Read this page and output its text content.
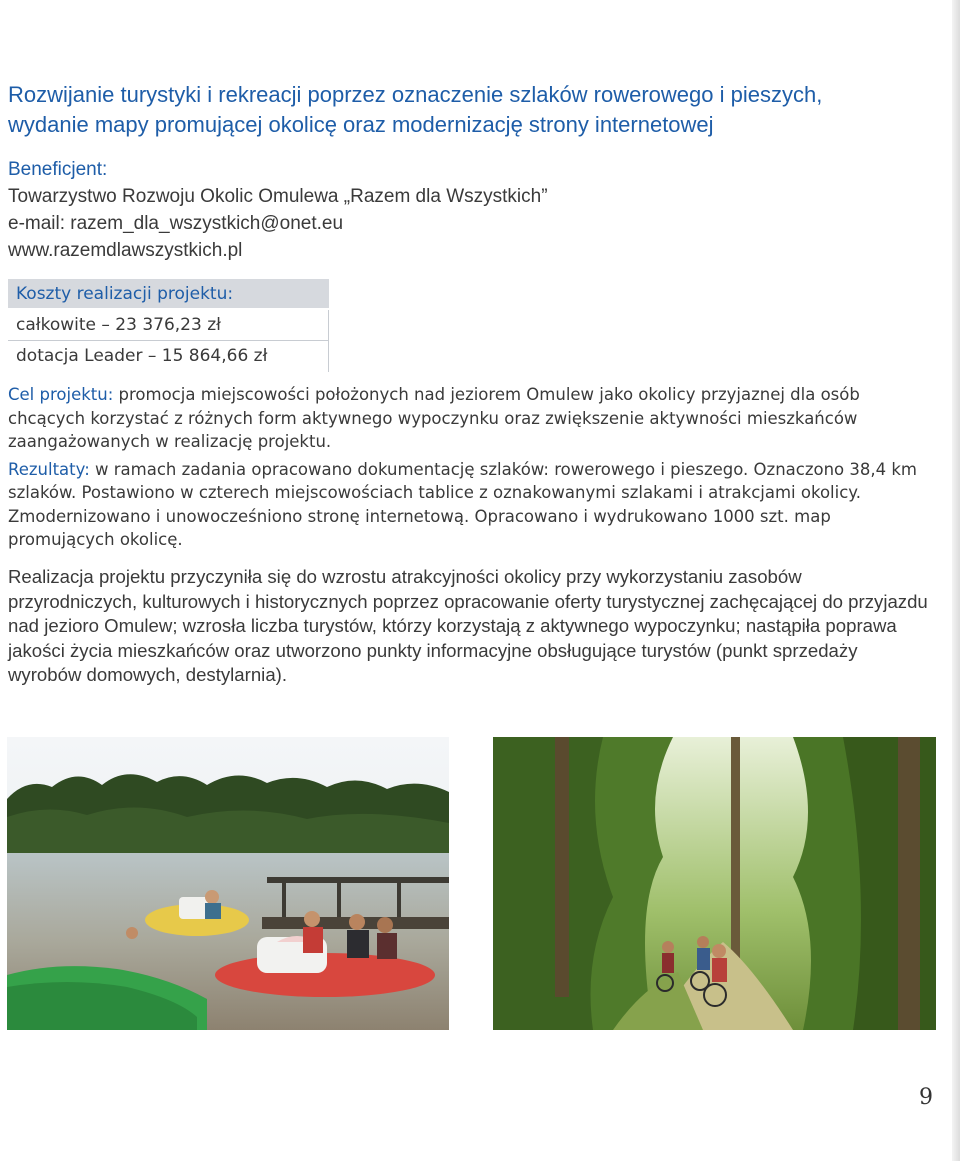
Rozwijanie turystyki i rekreacji poprzez oznaczenie szlaków rowerowego i pieszych,
wydanie mapy promującej okolicę oraz modernizację strony internetowej
Beneficjent:
Towarzystwo Rozwoju Okolic Omulewa „Razem dla Wszystkich”
e-mail: razem_dla_wszystkich@onet.eu
www.razemdlawszystkich.pl
Koszty realizacji projektu:
całkowite – 23 376,23 zł
dotacja Leader – 15 864,66 zł

Cel projektu: promocja miejscowości położonych nad jeziorem Omulew jako okolicy przyjaznej dla osób chcących korzystać z różnych form aktywnego wypoczynku oraz zwiększenie aktywności mieszkańców zaangażowanych w realizację projektu.

Rezultaty: w ramach zadania opracowano dokumentację szlaków: rowerowego i pieszego. Oznaczono 38,4 km szlaków. Postawiono w czterech miejscowościach tablice z oznakowanymi szlakami i atrakcjami okolicy. Zmodernizowano i unowocześniono stronę internetową. Opracowano i wydrukowano 1000 szt. map promujących okolicę.

Realizacja projektu przyczyniła się do wzrostu atrakcyjności okolicy przy wykorzystaniu zasobów przyrodniczych, kulturowych i historycznych poprzez opracowanie oferty turystycznej zachęcającej do przyjazdu nad jezioro Omulew; wzrosła liczba turystów, którzy korzystają z aktywnego wypoczynku; nastąpiła poprawa jakości życia mieszkańców oraz utworzono punkty informacyjne obsługujące turystów (punkt sprzedaży wyrobów domowych, destylarnia).

9
